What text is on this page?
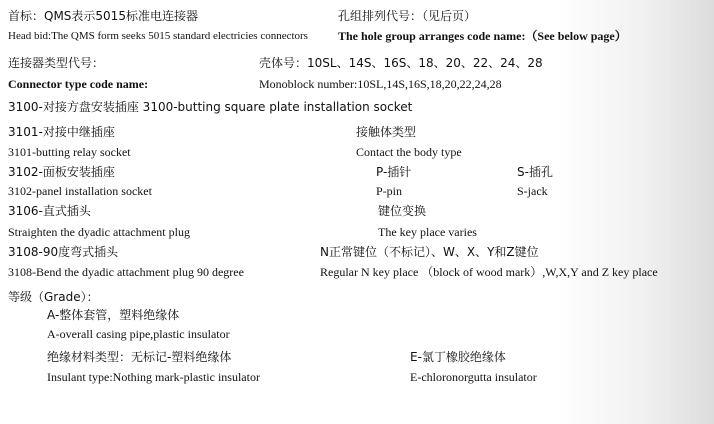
首标：QMS表示5015标准电连接器
Head bid:The QMS form seeks 5015 standard electricies connectors
孔组排列代号：（见后页）
The hole group arranges code name:（See below page）
连接器类型代号：
Connector type code name:
壳体号：10SL、14S、16S、18、20、22、24、28
Monoblock number:10SL,14S,16S,18,20,22,24,28
3100-对接方盘安装插座 3100-butting square plate installation socket
3101-对接中继插座
3101-butting relay socket
3102-面板安装插座
3102-panel installation socket
3106-直式插头
Straighten the dyadic attachment plug
3108-90度弯式插头
3108-Bend the dyadic attachment plug 90 degree
接触体类型
Contact the body type
P-插针	S-插孔
P-pin	S-jack
键位变换
The key place varies
N正常键位（不标记）、W、X、Y和Z键位
Regular N key place （block of wood mark）,W,X,Y and Z key place
等级（Grade）：
A-整体套管，塑料绝缘体
A-overall casing pipe,plastic insulator
绝缘材料类型：无标记-塑料绝缘体
Insulant type:Nothing mark-plastic insulator
E-氯丁橡胶绝缘体
E-chloronorgutta insulator
